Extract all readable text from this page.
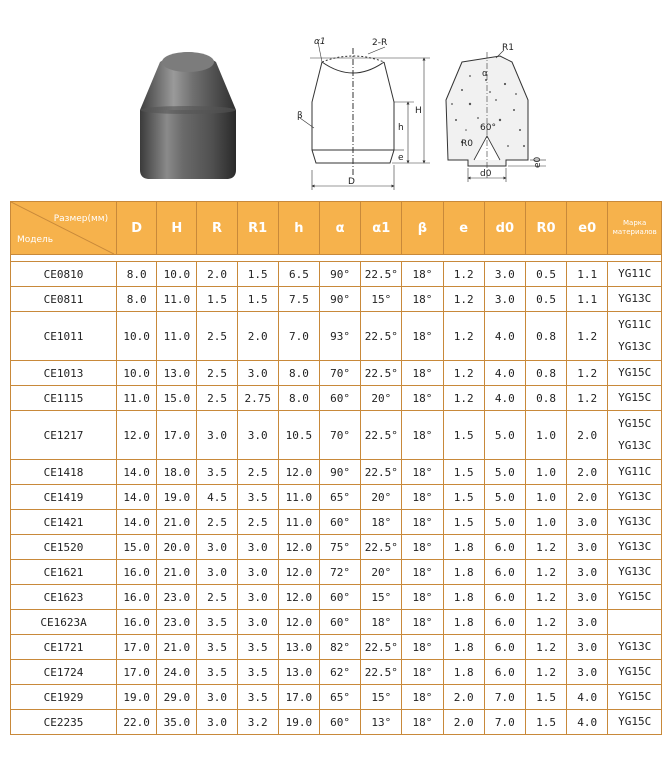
α1	2-R
β
h
H
e
D
R1
α
60°
R0
e0
d0
Размер(мм)
Модель	D	H	R	R1	h	α	α1	β	e	d0	R0	e0	Марка материалов

CE0810	8.0	10.0	2.0	1.5	6.5	90°	22.5°	18°	1.2	3.0	0.5	1.1	YG11C

CE0811	8.0	11.0	1.5	1.5	7.5	90°	15°	18°	1.2	3.0	0.5	1.1	YG13C

CE1011	10.0	11.0	2.5	2.0	7.0	93°	22.5°	18°	1.2	4.0	0.8	1.2	YG11C
YG13C

CE1013	10.0	13.0	2.5	3.0	8.0	70°	22.5°	18°	1.2	4.0	0.8	1.2	YG15C

CE1115	11.0	15.0	2.5	2.75	8.0	60°	20°	18°	1.2	4.0	0.8	1.2	YG15C

CE1217	12.0	17.0	3.0	3.0	10.5	70°	22.5°	18°	1.5	5.0	1.0	2.0	YG15C
YG13C

CE1418	14.0	18.0	3.5	2.5	12.0	90°	22.5°	18°	1.5	5.0	1.0	2.0	YG11C

CE1419	14.0	19.0	4.5	3.5	11.0	65°	20°	18°	1.5	5.0	1.0	2.0	YG13C

CE1421	14.0	21.0	2.5	2.5	11.0	60°	18°	18°	1.5	5.0	1.0	3.0	YG13C

CE1520	15.0	20.0	3.0	3.0	12.0	75°	22.5°	18°	1.8	6.0	1.2	3.0	YG13C

CE1621	16.0	21.0	3.0	3.0	12.0	72°	20°	18°	1.8	6.0	1.2	3.0	YG13C

CE1623	16.0	23.0	2.5	3.0	12.0	60°	15°	18°	1.8	6.0	1.2	3.0	YG15C

CE1623A	16.0	23.0	3.5	3.0	12.0	60°	18°	18°	1.8	6.0	1.2	3.0	

CE1721	17.0	21.0	3.5	3.5	13.0	82°	22.5°	18°	1.8	6.0	1.2	3.0	YG13C

CE1724	17.0	24.0	3.5	3.5	13.0	62°	22.5°	18°	1.8	6.0	1.2	3.0	YG15C

CE1929	19.0	29.0	3.0	3.5	17.0	65°	15°	18°	2.0	7.0	1.5	4.0	YG15C

CE2235	22.0	35.0	3.0	3.2	19.0	60°	13°	18°	2.0	7.0	1.5	4.0	YG15C
